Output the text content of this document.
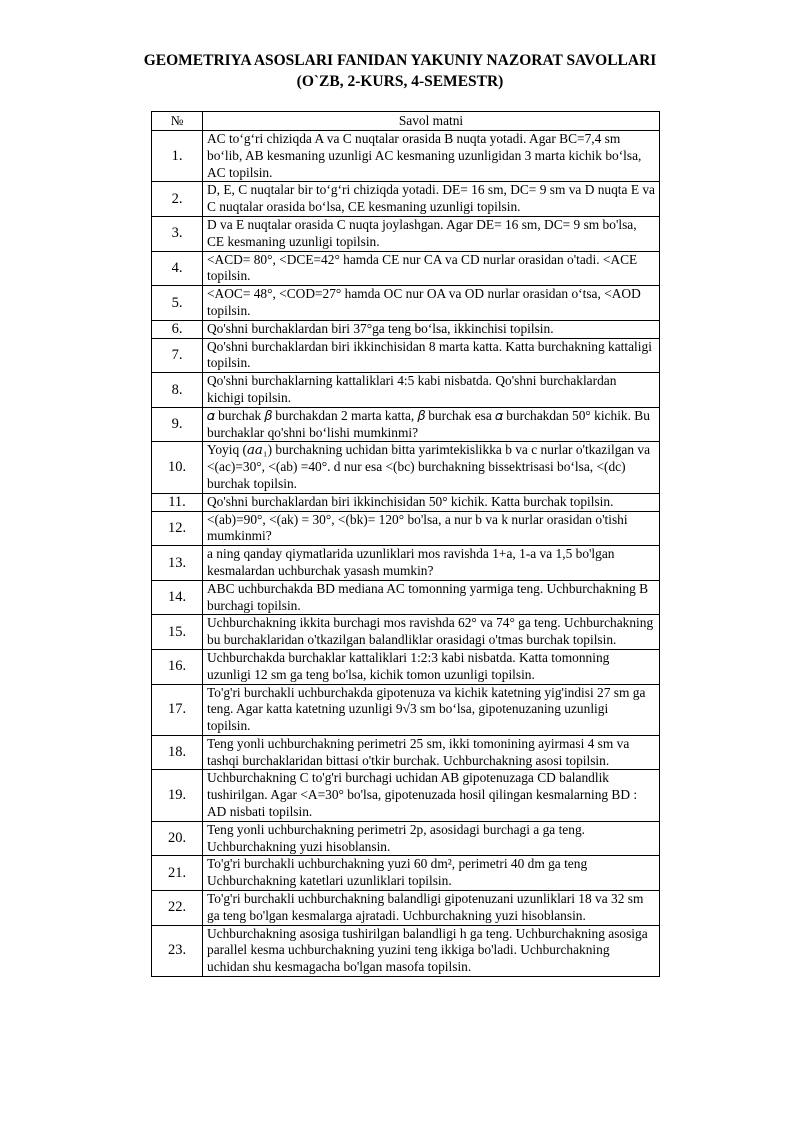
GEOMETRIYA ASOSLARI FANIDAN YAKUNIY NAZORAT SAVOLLARI
(O`ZB, 2-KURS, 4-SEMESTR)
№	Savol matni
1.	AC to‘g‘ri chiziqda A va C nuqtalar orasida B nuqta yotadi. Agar BC=7,4 sm bo‘lib, AB kesmaning uzunligi AC kesmaning uzunligidan 3 marta kichik bo‘lsa, AC topilsin.
2.	D, E, C nuqtalar bir to‘g‘ri chiziqda yotadi. DE= 16 sm, DC= 9 sm va D nuqta E va C nuqtalar orasida bo‘lsa, CE kesmaning uzunligi topilsin.
3.	D va E nuqtalar orasida C nuqta joylashgan. Agar DE= 16 sm, DC= 9 sm bo'lsa, CE kesmaning uzunligi topilsin.
4.	<ACD= 80°, <DCE=42° hamda CE nur CA va CD nurlar orasidan o'tadi. <ACE topilsin.
5.	<AOC= 48°, <COD=27° hamda OC nur OA va OD nurlar orasidan o‘tsa, <AOD topilsin.
6.	Qo'shni burchaklardan biri 37°ga teng bo‘lsa, ikkinchisi topilsin.
7.	Qo'shni burchaklardan biri ikkinchisidan 8 marta katta. Katta burchakning kattaligi topilsin.
8.	Qo'shni burchaklarning kattaliklari 4:5 kabi nisbatda. Qo'shni burchaklardan kichigi topilsin.
9.	𝛼 burchak 𝛽 burchakdan 2 marta katta, 𝛽 burchak esa 𝛼 burchakdan 50° kichik. Bu burchaklar qo'shni bo‘lishi mumkinmi?
10.	Yoyiq (𝑎𝑎₁) burchakning uchidan bitta yarimtekislikka b va c nurlar o'tkazilgan va <(ac)=30°, <(ab) =40°. d nur esa <(bc) burchakning bissektrisasi bo‘lsa, <(dc) burchak topilsin.
11.	Qo'shni burchaklardan biri ikkinchisidan 50° kichik. Katta burchak topilsin.
12.	<(ab)=90°, <(ak) = 30°, <(bk)= 120° bo'lsa, a nur b va k nurlar orasidan o'tishi mumkinmi?
13.	a ning qanday qiymatlarida uzunliklari mos ravishda 1+a, 1-a va 1,5 bo'lgan kesmalardan uchburchak yasash mumkin?
14.	ABC uchburchakda BD mediana AC tomonning yarmiga teng. Uchburchakning B burchagi topilsin.
15.	Uchburchakning ikkita burchagi mos ravishda 62° va 74° ga teng. Uchburchakning bu burchaklaridan o'tkazilgan balandliklar orasidagi o'tmas burchak topilsin.
16.	Uchburchakda burchaklar kattaliklari 1:2:3 kabi nisbatda. Katta tomonning uzunligi 12 sm ga teng bo'lsa, kichik tomon uzunligi topilsin.
17.	To'g'ri burchakli uchburchakda gipotenuza va kichik katetning yig'indisi 27 sm ga teng. Agar katta katetning uzunligi 9√3 sm bo‘lsa, gipotenuzaning uzunligi topilsin.
18.	Teng yonli uchburchakning perimetri 25 sm, ikki tomonining ayirmasi 4 sm va tashqi burchaklaridan bittasi o'tkir burchak. Uchburchakning asosi topilsin.
19.	Uchburchakning C to'g'ri burchagi uchidan AB gipotenuzaga CD balandlik tushirilgan. Agar <A=30° bo'lsa, gipotenuzada hosil qilingan kesmalarning BD : AD nisbati topilsin.
20.	Teng yonli uchburchakning perimetri 2p, asosidagi burchagi a ga teng. Uchburchakning yuzi hisoblansin.
21.	To'g'ri burchakli uchburchakning yuzi 60 dm², perimetri 40 dm ga teng Uchburchakning katetlari uzunliklari topilsin.
22.	To'g'ri burchakli uchburchakning balandligi gipotenuzani uzunliklari 18 va 32 sm ga teng bo'lgan kesmalarga ajratadi. Uchburchakning yuzi hisoblansin.
23.	Uchburchakning asosiga tushirilgan balandligi h ga teng. Uchburchakning asosiga parallel kesma uchburchakning yuzini teng ikkiga bo'ladi. Uchburchakning uchidan shu kesmagacha bo'lgan masofa topilsin.
